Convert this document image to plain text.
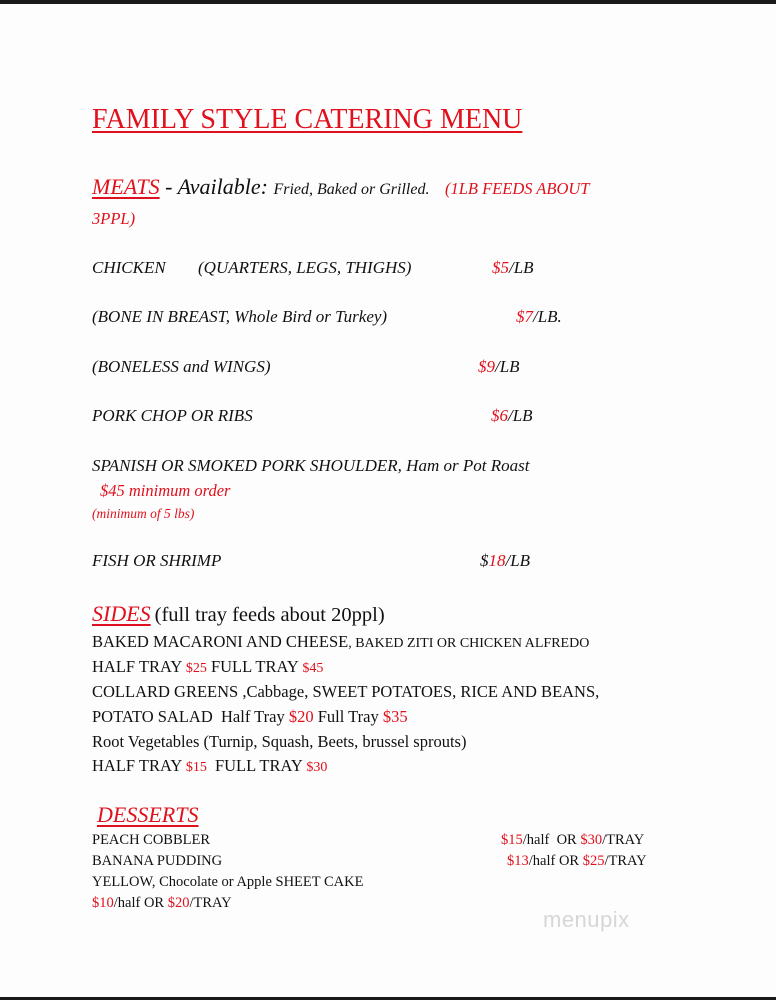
FAMILY STYLE CATERING MENU
MEATS - Available: Fried, Baked or Grilled. (1LB FEEDS ABOUT
3PPL)
CHICKEN (QUARTERS, LEGS, THIGHS)	$5/LB
(BONE IN BREAST, Whole Bird or Turkey)	$7/LB.
(BONELESS and WINGS)	$9/LB
PORK CHOP OR RIBS	$6/LB
SPANISH OR SMOKED PORK SHOULDER, Ham or Pot Roast
$45 minimum order
(minimum of 5 lbs)
FISH OR SHRIMP	$18/LB
SIDES (full tray feeds about 20ppl)
BAKED MACARONI AND CHEESE, BAKED ZITI OR CHICKEN ALFREDO
HALF TRAY $25 FULL TRAY $45
COLLARD GREENS ,Cabbage, SWEET POTATOES, RICE AND BEANS,
POTATO SALAD  Half Tray $20 Full Tray $35
Root Vegetables (Turnip, Squash, Beets, brussel sprouts)
HALF TRAY $15 FULL TRAY $30
DESSERTS
PEACH COBBLER	$15/half  OR $30/TRAY
BANANA PUDDING	$13/half OR $25/TRAY
YELLOW, Chocolate or Apple SHEET CAKE
$10/half OR $20/TRAY
menupix
